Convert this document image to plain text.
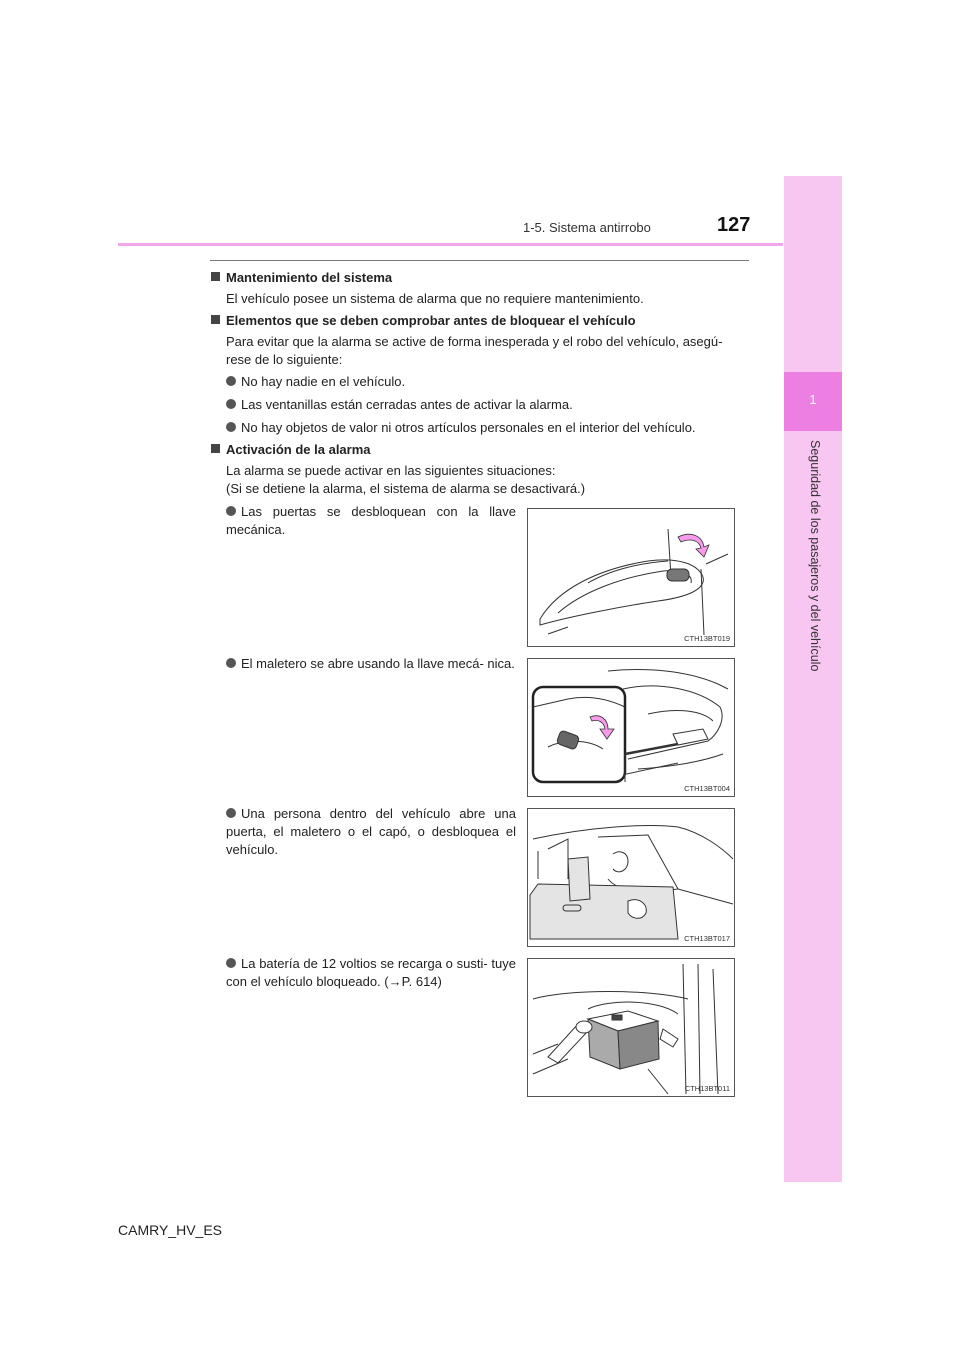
1
Seguridad de los pasajeros y del vehículo
127
1-5. Sistema antirrobo
Mantenimiento del sistema
El vehículo posee un sistema de alarma que no requiere mantenimiento.
Elementos que se deben comprobar antes de bloquear el vehículo
Para evitar que la alarma se active de forma inesperada y el robo del vehículo, asegú-
rese de lo siguiente:
No hay nadie en el vehículo.
Las ventanillas están cerradas antes de activar la alarma.
No hay objetos de valor ni otros artículos personales en el interior del vehículo.
Activación de la alarma
La alarma se puede activar en las siguientes situaciones:
(Si se detiene la alarma, el sistema de alarma se desactivará.)
Las puertas se desbloquean con la llave mecánica.
CTH13BT019
El maletero se abre usando la llave mecá- nica.
CTH13BT004
Una persona dentro del vehículo abre una puerta, el maletero o el capó, o desbloquea el vehículo.
CTH13BT017
La batería de 12 voltios se recarga o susti- tuye con el vehículo bloqueado. (→P. 614)
CTH13BT011
CAMRY_HV_ES
